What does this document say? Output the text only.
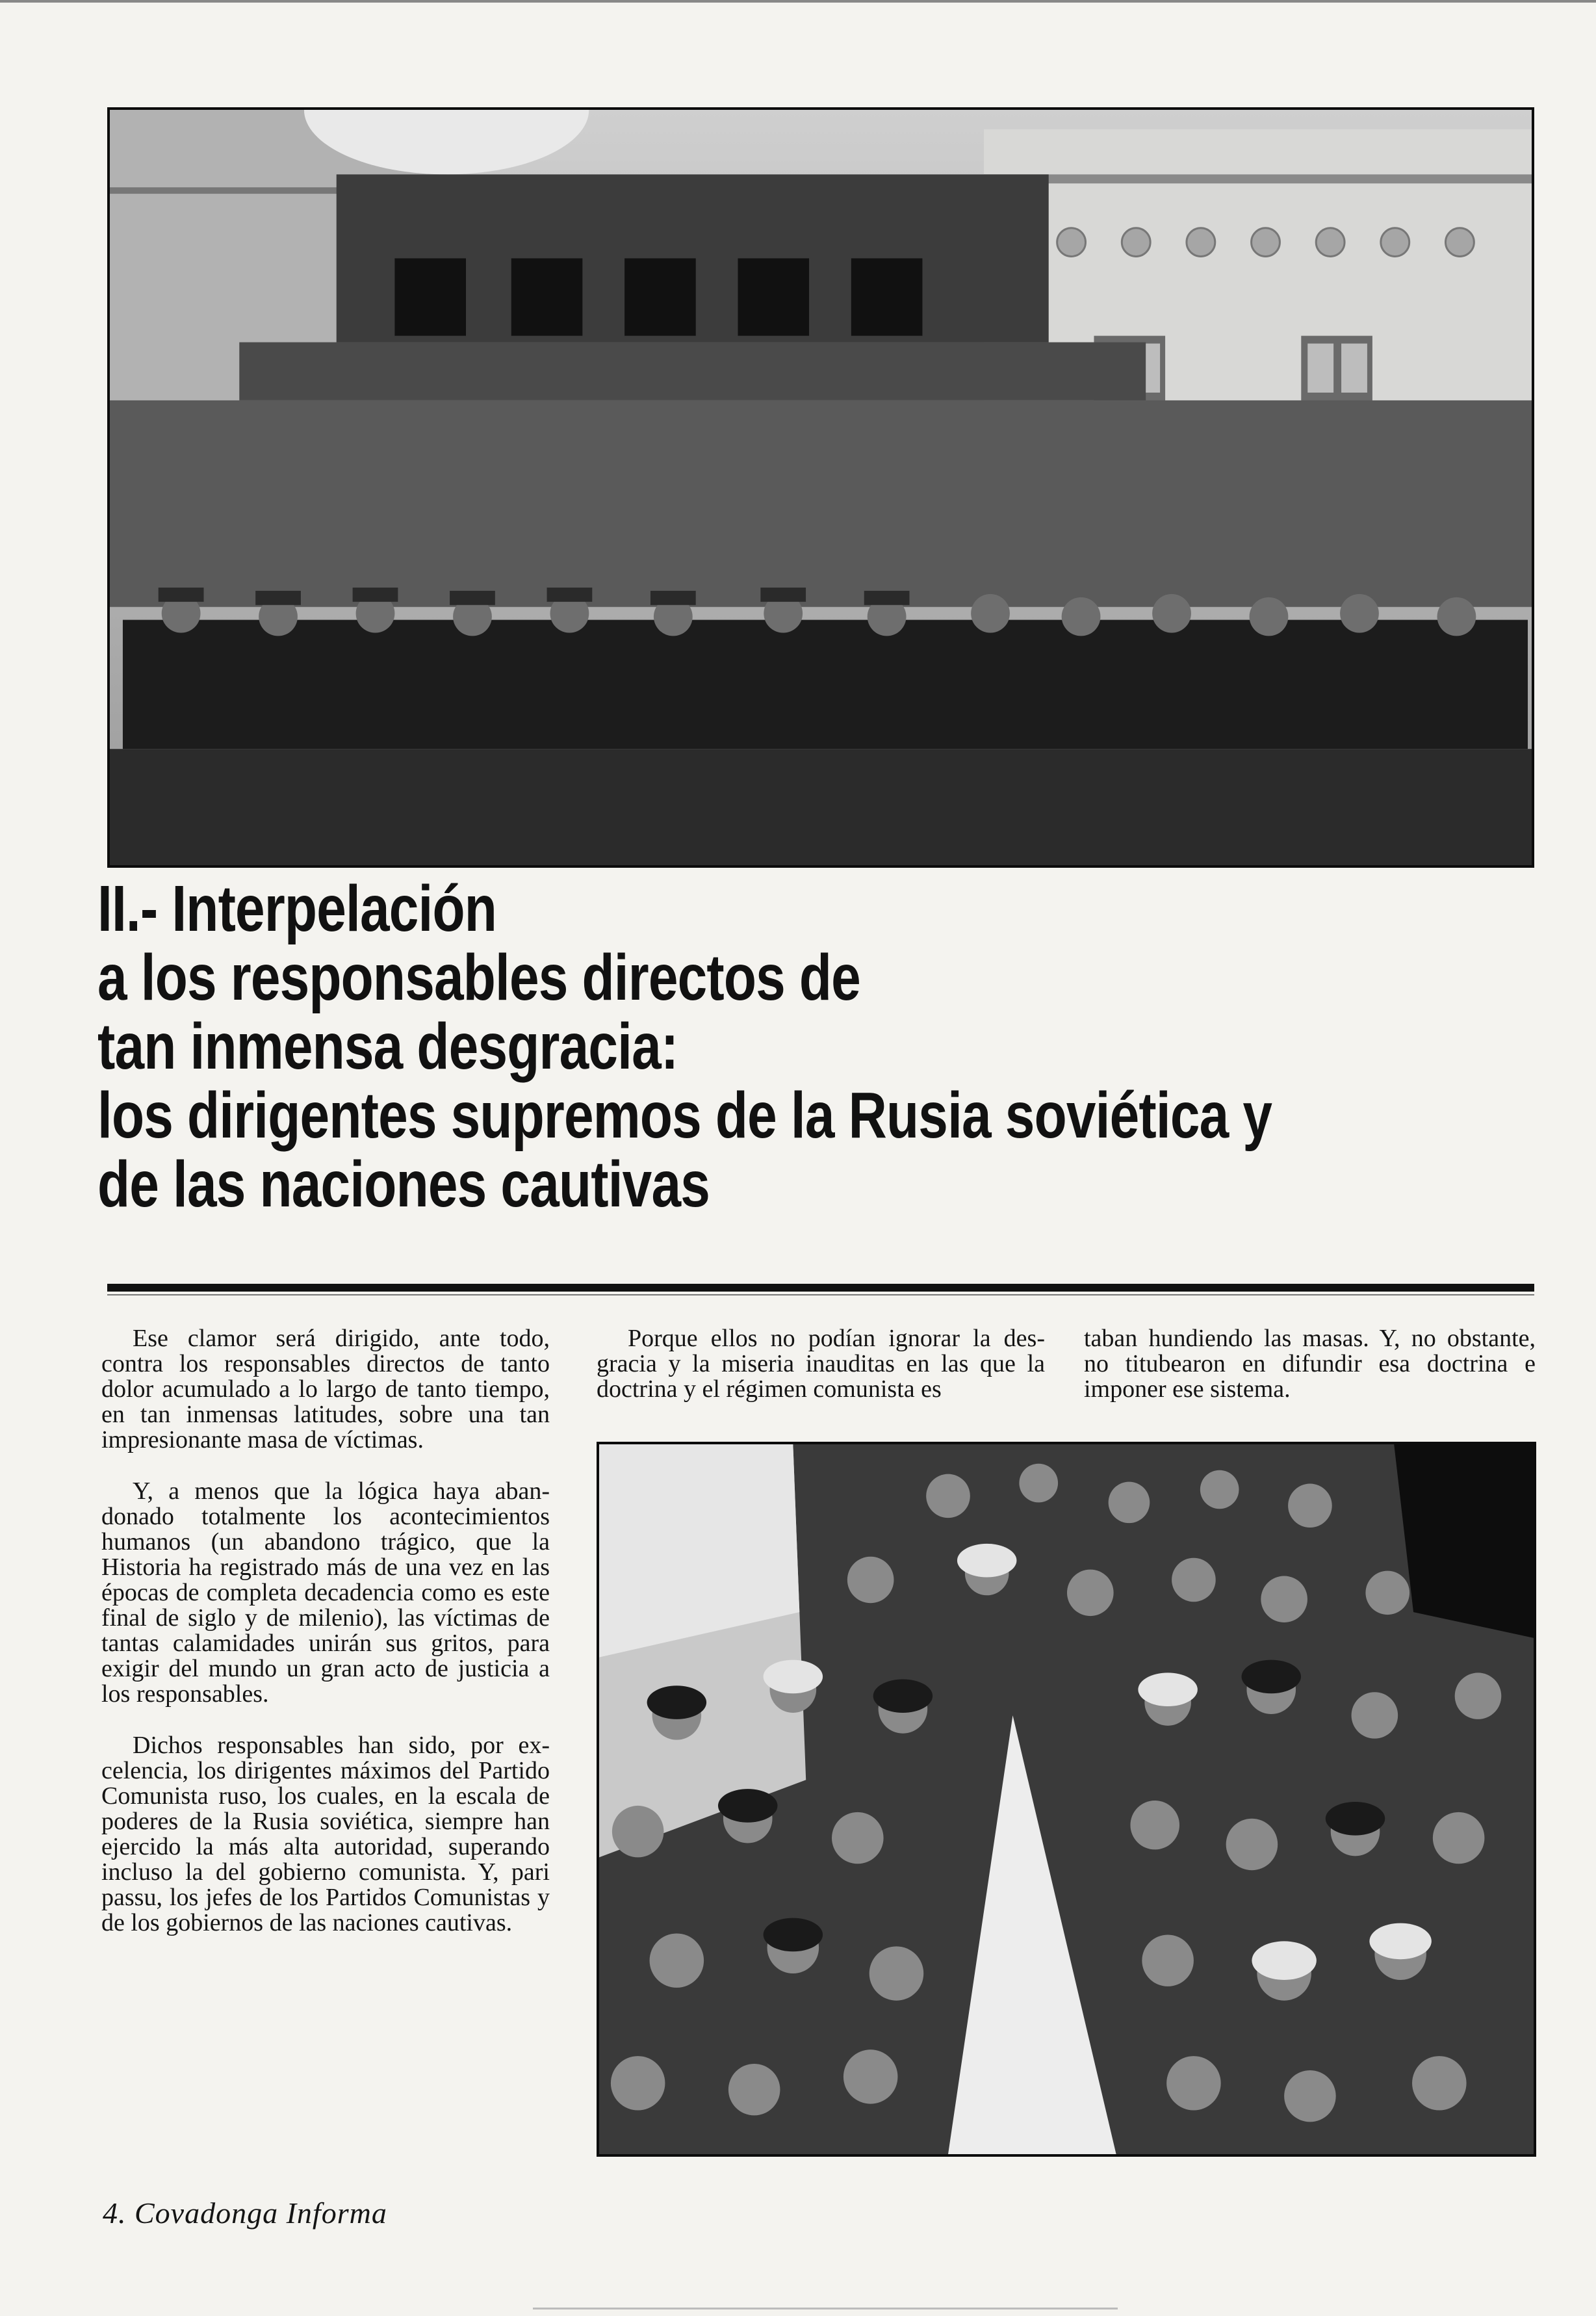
II.- Interpelación
a los responsables directos de
tan inmensa desgracia:
los dirigentes supremos de la Rusia soviética y
de las naciones cautivas

Ese clamor será dirigido, ante todo, contra los responsables directos de tanto dolor acumulado a lo largo de tanto tiempo, en tan inmensas latitudes, sobre una tan impresionante masa de víctimas.

Y, a menos que la lógica haya abandonado totalmente los acontecimientos humanos (un abandono trágico, que la Historia ha registrado más de una vez en las épocas de completa decadencia como es este final de siglo y de milenio), las víctimas de tantas calamidades unirán sus gritos, para exigir del mundo un gran acto de justicia a los responsables.

Dichos responsables han sido, por excelencia, los dirigentes máximos del Partido Comunista ruso, los cuales, en la escala de poderes de la Rusia soviética, siempre han ejercido la más alta autoridad, superando incluso la del gobierno comunista. Y, pari passu, los jefes de los Partidos Comunistas y de los gobiernos de las naciones cautivas.

Porque ellos no podían ignorar la desgracia y la miseria inauditas en las que la doctrina y el régimen comunista es

taban hundiendo las masas. Y, no obstante, no titubearon en difundir esa doctrina e imponer ese sistema.

4. Covadonga Informa
